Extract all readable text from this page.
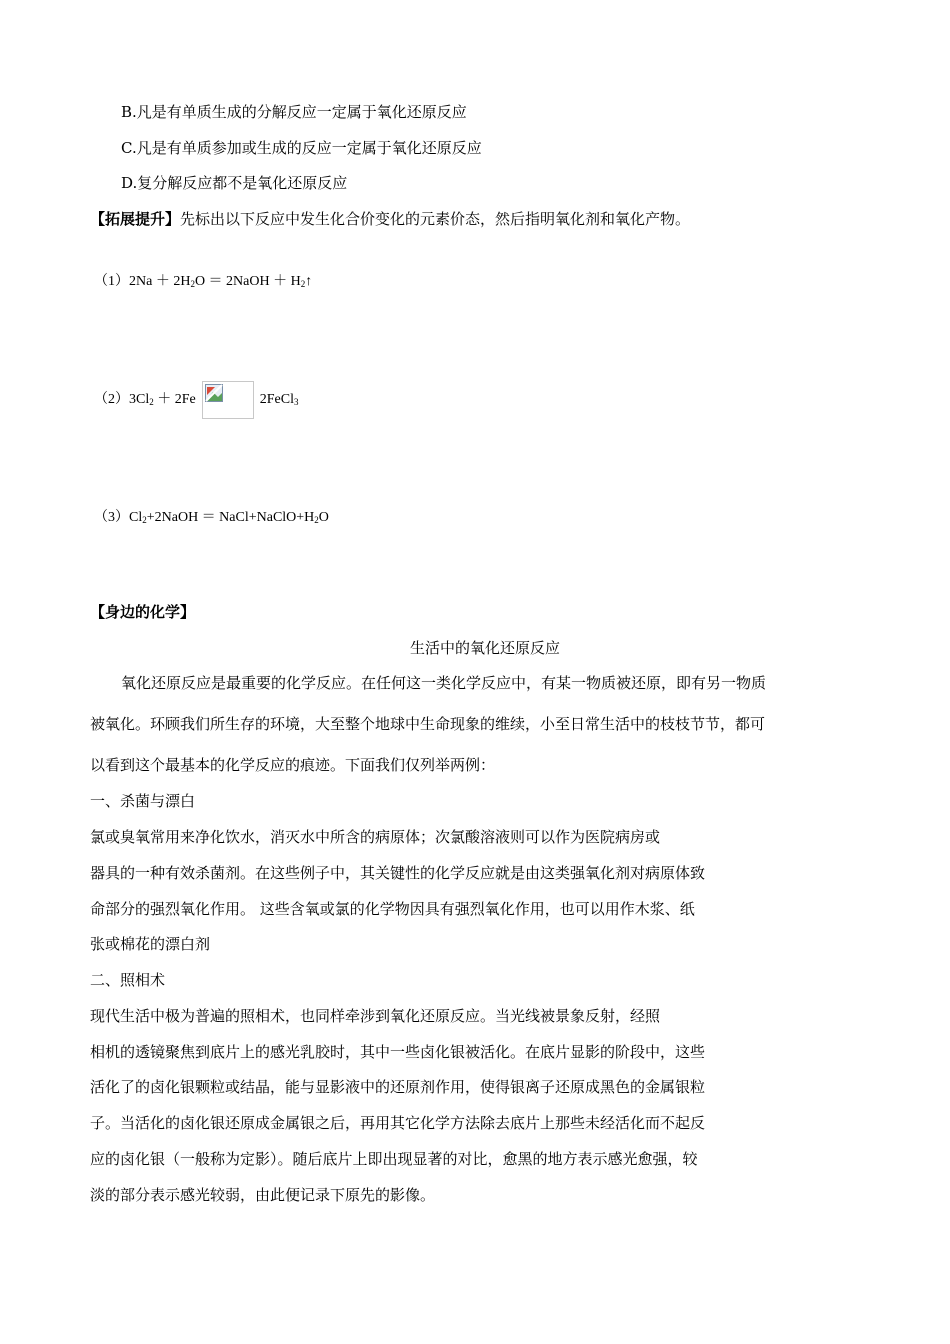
B.凡是有单质生成的分解反应一定属于氧化还原反应
C.凡是有单质参加或生成的反应一定属于氧化还原反应
D.复分解反应都不是氧化还原反应
【拓展提升】先标出以下反应中发生化合价变化的元素价态，然后指明氧化剂和氧化产物。
$(1)2Na + 2H_2O$ ＝ 2NaOH ＋ $H_2↑$
$(2)3Cl_2 + 2Fe$	2FeCl$_3$
$(3)Cl_2+2NaOH$ ＝ $NaCl+NaClO+H_2O$
【身边的化学】
生活中的氧化还原反应
氧化还原反应是最重要的化学反应。在任何这一类化学反应中，有某一物质被还原，即有另一物质
被氧化。环顾我们所生存的环境，大至整个地球中生命现象的维续，小至日常生活中的枝枝节节，都可
以看到这个最基本的化学反应的痕迹。下面我们仅列举两例：
一、杀菌与漂白
氯或臭氧常用来净化饮水，消灭水中所含的病原体；次氯酸溶液则可以作为医院病房或
器具的一种有效杀菌剂。在这些例子中，其关键性的化学反应就是由这类强氧化剂对病原体致
命部分的强烈氧化作用。 这些含氧或氯的化学物因具有强烈氧化作用，也可以用作木浆、纸
张或棉花的漂白剂
二、照相术
现代生活中极为普遍的照相术，也同样牵涉到氧化还原反应。当光线被景象反射，经照
相机的透镜聚焦到底片上的感光乳胶时，其中一些卤化银被活化。在底片显影的阶段中，这些
活化了的卤化银颗粒或结晶，能与显影液中的还原剂作用，使得银离子还原成黑色的金属银粒
子。当活化的卤化银还原成金属银之后，再用其它化学方法除去底片上那些未经活化而不起反
应的卤化银（一般称为定影）。随后底片上即出现显著的对比，愈黑的地方表示感光愈强，较
淡的部分表示感光较弱，由此便记录下原先的影像。
